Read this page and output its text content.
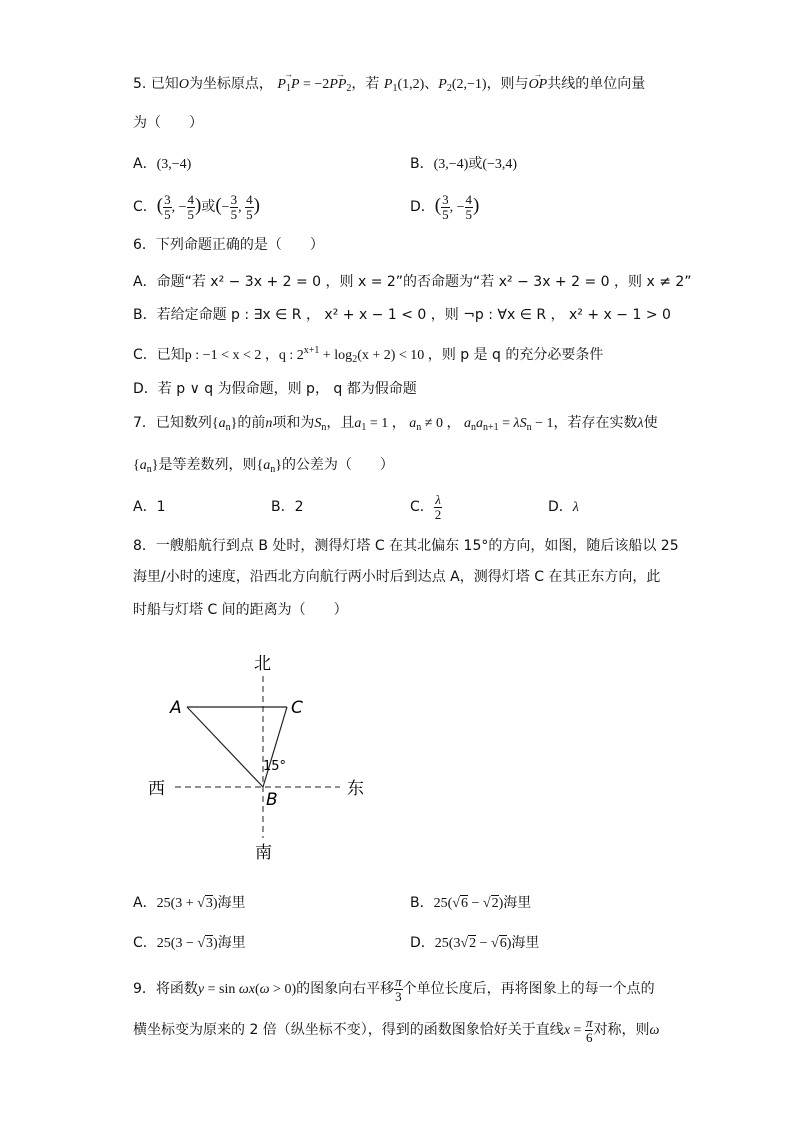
5. 已知O为坐标原点， → $P_1P = -2\to PP_2$，若 $P_1(1,2)$、$P_2(2,-1)$，则与→ OP共线的单位向量
为（　　）
A．(3,−4)	B．(3,−4)或(−3,4)
C．( $\frac{3}{5}$ , − $\frac{4}{5}$ )或(− $\frac{3}{5}$ , $\frac{4}{5}$ )	D．( $\frac{3}{5}$ , − $\frac{4}{5}$ )
6．下列命题正确的是（　　）
A．命题“若 x² − 3x + 2 = 0 ，则 x = 2”的否命题为“若 x² − 3x + 2 = 0 ，则 x ≠ 2”
B．若给定命题 p : ∃x ∈ R ， x² + x − 1 < 0 ，则 ¬p : ∀x ∈ R ， x² + x − 1 > 0
C．已知p : −1 < x < 2 ，q : $2^{x+1} + \log_2(x + 2) < 10$ ，则 p 是 q 的充分必要条件
D．若 p ∨ q 为假命题，则 p， q 都为假命题
7．已知数列$\{a_n\}$的前n项和为$S_n$，且$a_1 = 1$ ， $a_n \ne 0$ ， $a_na_{n+1} = \lambda S_n - 1$，若存在实数λ使
$\{a_n\}$是等差数列，则$\{a_n\}$的公差为（　　）
A．1	B．2	C． $\frac{\lambda}{2}$	D．λ
8．一艘船航行到点 B 处时，测得灯塔 C 在其北偏东 15°的方向，如图，随后该船以 25
海里/小时的速度，沿西北方向航行两小时后到达点 A，测得灯塔 C 在其正东方向，此
时船与灯塔 C 间的距离为（　　）
北
南
西	东
A	C
B
15°
A．25(3 + √3)海里	B．25(√6 − √2)海里
C．25(3 − √3)海里	D．25(3√2 − √6)海里
9．将函数y = sin ωx(ω > 0)的图象向右平移 $\frac{\pi}{3}$ 个单位长度后，再将图象上的每一个点的
横坐标变为原来的 2 倍（纵坐标不变），得到的函数图象恰好关于直线$x = \frac{\pi}{6}$ 对称，则ω
